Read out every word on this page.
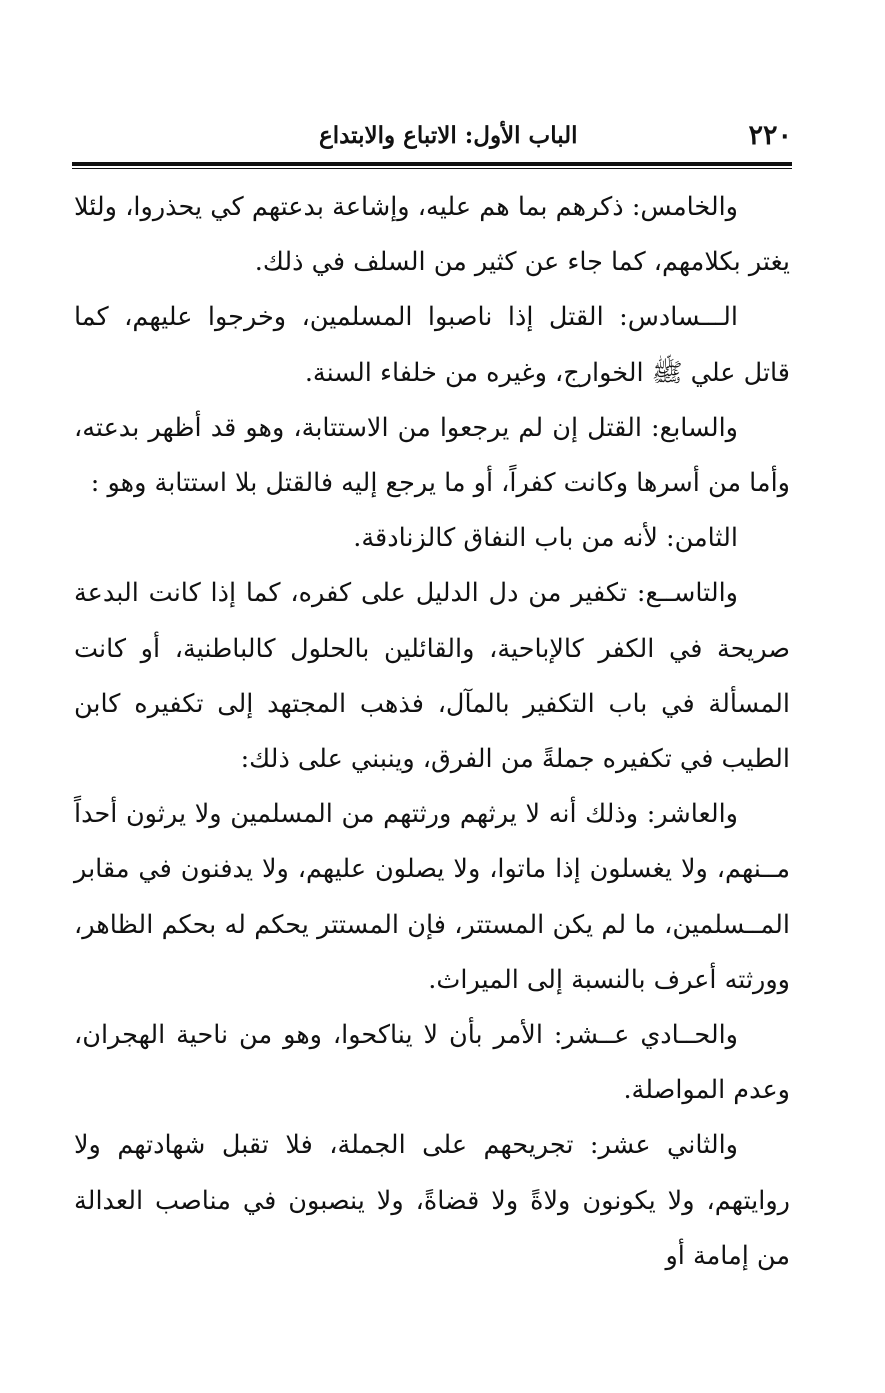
٢٢٠
الباب الأول: الاتباع والابتداع

والخامس: ذكرهم بما هم عليه، وإشاعة بدعتهم كي يحذروا، ولئلا يغتر بكلامهم، كما جاء عن كثير من السلف في ذلك.

الـــسادس: القتل إذا ناصبوا المسلمين، وخرجوا عليهم، كما قاتل علي ﷺ الخوارج، وغيره من خلفاء السنة.

والسابع: القتل إن لم يرجعوا من الاستتابة، وهو قد أظهر بدعته، وأما من أسرها وكانت كفراً، أو ما يرجع إليه فالقتل بلا استتابة وهو :

الثامن: لأنه من باب النفاق كالزنادقة.

والتاســع: تكفير من دل الدليل على كفره، كما إذا كانت البدعة صريحة في الكفر كالإباحية، والقائلين بالحلول كالباطنية، أو كانت المسألة في باب التكفير بالمآل، فذهب المجتهد إلى تكفيره كابن الطيب في تكفيره جملةً من الفرق، وينبني على ذلك:

والعاشر: وذلك أنه لا يرثهم ورثتهم من المسلمين ولا يرثون أحداً مــنهم، ولا يغسلون إذا ماتوا، ولا يصلون عليهم، ولا يدفنون في مقابر المــسلمين، ما لم يكن المستتر، فإن المستتر يحكم له بحكم الظاهر، وورثته أعرف بالنسبة إلى الميراث.

والحــادي عــشر: الأمر بأن لا يناكحوا، وهو من ناحية الهجران، وعدم المواصلة.

والثاني عشر: تجريحهم على الجملة، فلا تقبل شهادتهم ولا روايتهم، ولا يكونون ولاةً ولا قضاةً، ولا ينصبون في مناصب العدالة من إمامة أو
